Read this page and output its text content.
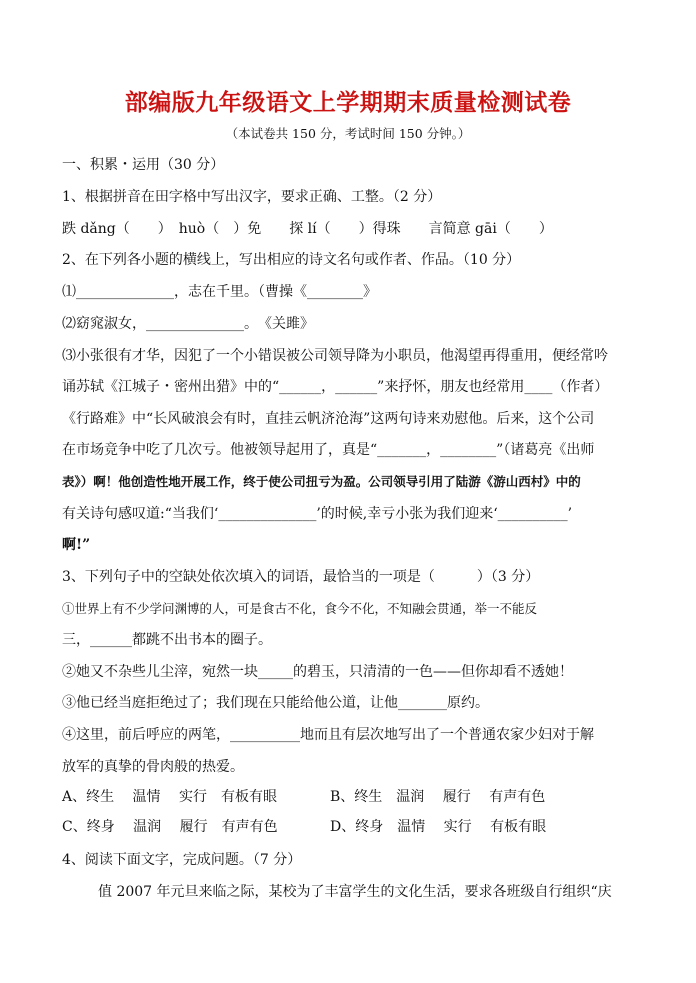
部编版九年级语文上学期期末质量检测试卷
（本试卷共 150 分，考试时间 150 分钟。）
一、积累・运用（30 分）
1、根据拼音在田字格中写出汉字，要求正确、工整。（2 分）
跌 dǎng（　　）　huò（　）免　　探 lí（　　）得珠　　言简意 gāi（　　）
2、在下列各小题的横线上，写出相应的诗文名句或作者、作品。（10 分）
⑴______________，志在千里。（曹操《________》
⑵窈窕淑女，______________。　《关雎》
⑶小张很有才华，因犯了一个小错误被公司领导降为小职员，他渴望再得重用，便经常吟
诵苏轼《江城子・密州出猎》中的“______，______”来抒怀，朋友也经常用____（作者）
《行路难》中“长风破浪会有时，直挂云帆济沧海”这两句诗来劝慰他。后来，这个公司
在市场竞争中吃了几次亏。他被领导起用了，真是“_______，________”（诸葛亮《出师
表》）啊！他创造性地开展工作，终于使公司扭亏为盈。公司领导引用了陆游《游山西村》中的
有关诗句感叹道:“当我们‘______________’的时候,幸亏小张为我们迎来‘__________’
啊!”
3、下列句子中的空缺处依次填入的词语，最恰当的一项是（　　　）（3 分）
①世界上有不少学问渊博的人，可是食古不化，食今不化，不知融会贯通，举一不能反
三，______都跳不出书本的圈子。
②她又不杂些儿尘滓，宛然一块_____的碧玉，只清清的一色——但你却看不透她！
③他已经当庭拒绝过了；我们现在只能给他公道，让他_______原约。
④这里，前后呼应的两笔，__________地而且有层次地写出了一个普通农家少妇对于解
放军的真挚的骨肉般的热爱。
A、终生　 温情　 实行　有板有眼	B、终生　温润　 履行　 有声有色
C、终身　 温润　 履行　有声有色	D、终身　温情　 实行　 有板有眼
4、阅读下面文字，完成问题。（7 分）
值 2007 年元旦来临之际，某校为了丰富学生的文化生活，要求各班级自行组织“庆
